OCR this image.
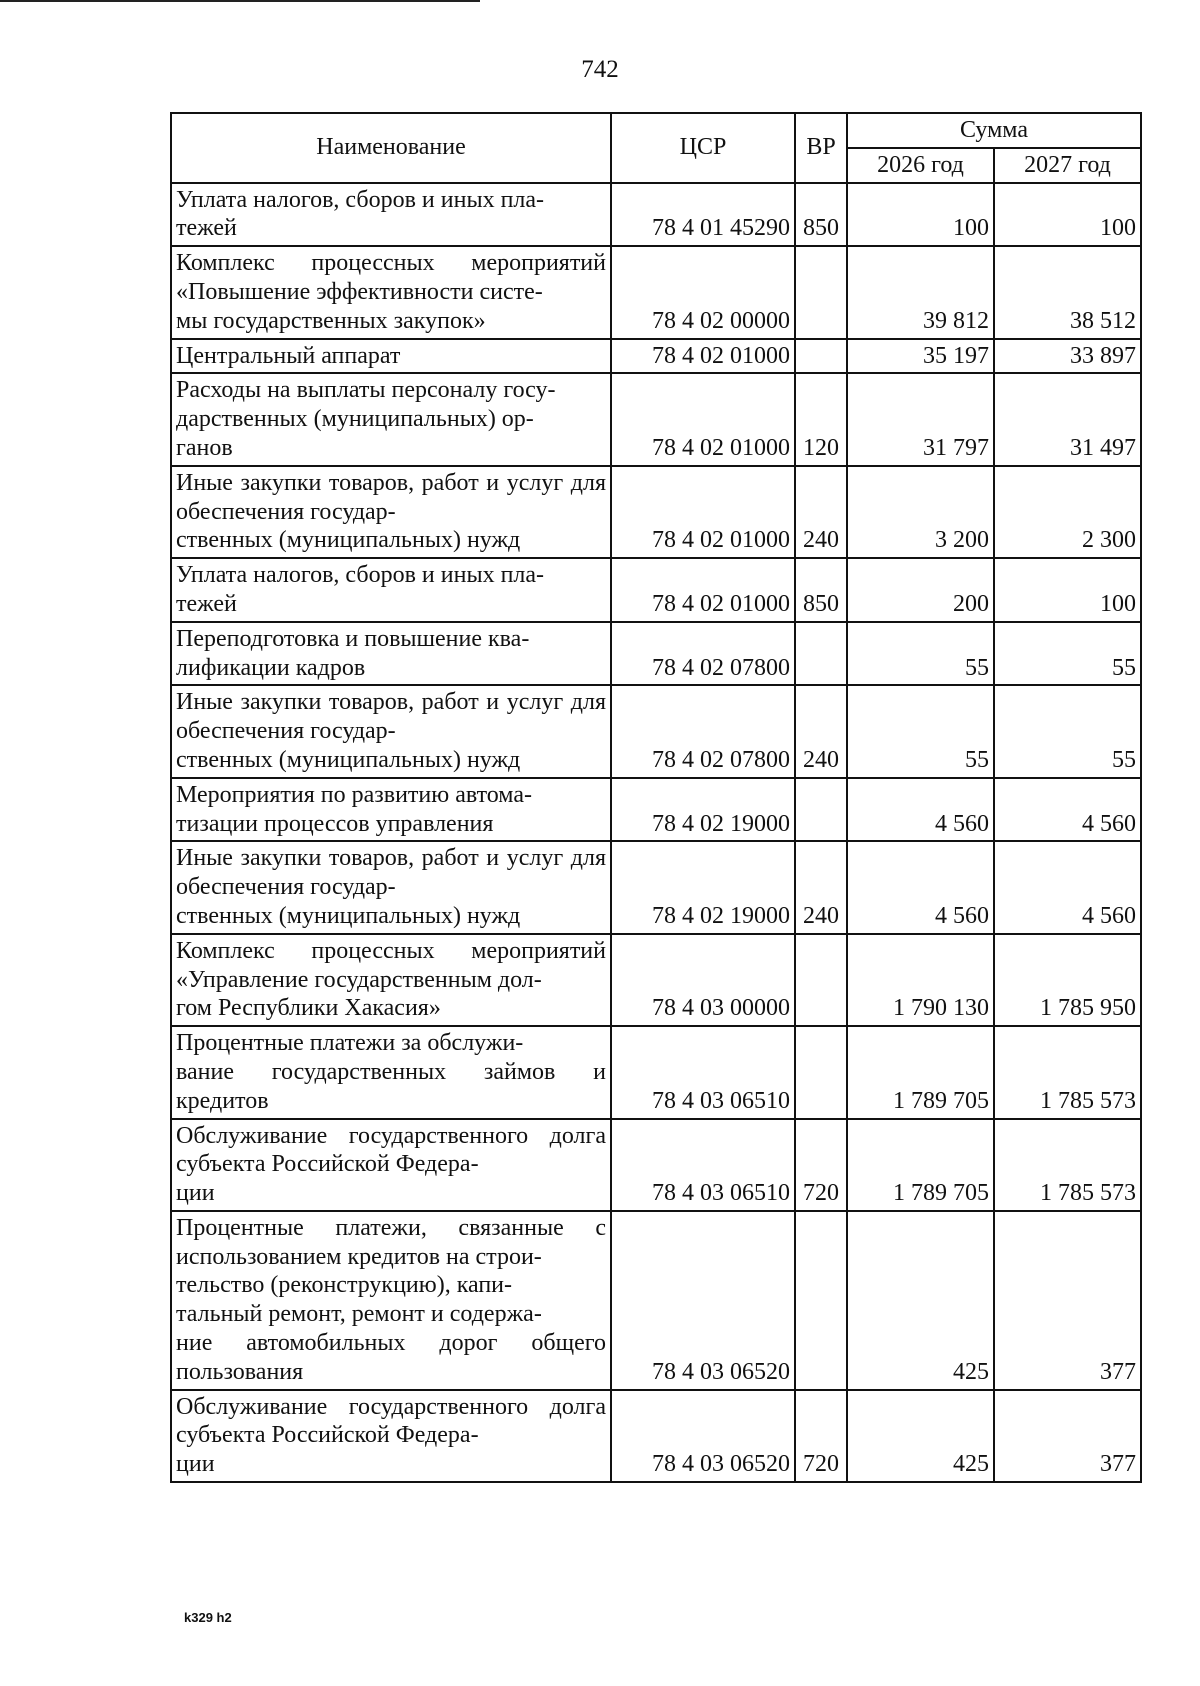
742
Наименование	ЦСР	ВР	Сумма	
			2026 год	2027 год
Уплата налогов, сборов и иных пла-
тежей	78 4 01 45290	850	100	100
Комплекс процессных мероприятий «Повышение эффективности систе-
мы государственных закупок»	78 4 02 00000		39 812	38 512
Центральный аппарат	78 4 02 01000		35 197	33 897
Расходы на выплаты персоналу госу-
дарственных (муниципальных) ор-
ганов	78 4 02 01000	120	31 797	31 497
Иные закупки товаров, работ и услуг для обеспечения государ-
ственных (муниципальных) нужд	78 4 02 01000	240	3 200	2 300
Уплата налогов, сборов и иных пла-
тежей	78 4 02 01000	850	200	100
Переподготовка и повышение ква-
лификации кадров	78 4 02 07800		55	55
Иные закупки товаров, работ и услуг для обеспечения государ-
ственных (муниципальных) нужд	78 4 02 07800	240	55	55
Мероприятия по развитию автома-
тизации процессов управления	78 4 02 19000		4 560	4 560
Иные закупки товаров, работ и услуг для обеспечения государ-
ственных (муниципальных) нужд	78 4 02 19000	240	4 560	4 560
Комплекс процессных мероприятий «Управление государственным дол-
гом Республики Хакасия»	78 4 03 00000		1 790 130	1 785 950
Процентные платежи за обслужи-
вание государственных займов и кредитов	78 4 03 06510		1 789 705	1 785 573
Обслуживание государственного долга субъекта Российской Федера-
ции	78 4 03 06510	720	1 789 705	1 785 573
Процентные платежи, связанные с использованием кредитов на строи-
тельство (реконструкцию), капи-
тальный ремонт, ремонт и содержа-
ние автомобильных дорог общего пользования	78 4 03 06520		425	377
Обслуживание государственного долга субъекта Российской Федера-
ции	78 4 03 06520	720	425	377
k329 h2
